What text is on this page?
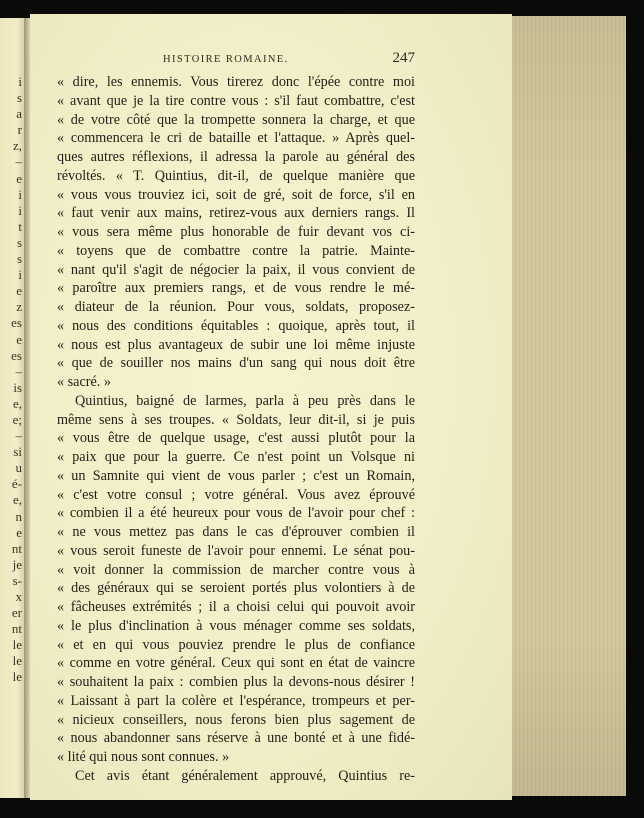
i
s
a
r
z,
–
e
i
i
t
s
s
i
e
z
es
e
es
–
is
e,
e;
–
si
u
é-
e,
n
e
nt
je
s-
x
er
nt
le
le
le
HISTOIRE ROMAINE.	247
« dire, les ennemis. Vous tirerez donc l'épée contre moi
« avant que je la tire contre vous : s'il faut combattre, c'est
« de votre côté que la trompette sonnera la charge, et que
« commencera le cri de bataille et l'attaque. » Après quel-
ques autres réflexions, il adressa la parole au général des
révoltés. « T. Quintius, dit-il, de quelque manière que
« vous vous trouviez ici, soit de gré, soit de force, s'il en
« faut venir aux mains, retirez-vous aux derniers rangs. Il
« vous sera même plus honorable de fuir devant vos ci-
« toyens que de combattre contre la patrie. Mainte-
« nant qu'il s'agit de négocier la paix, il vous convient de
« paroître aux premiers rangs, et de vous rendre le mé-
« diateur de la réunion. Pour vous, soldats, proposez-
« nous des conditions équitables : quoique, après tout, il
« nous est plus avantageux de subir une loi même injuste
« que de souiller nos mains d'un sang qui nous doit être
« sacré. »
Quintius, baigné de larmes, parla à peu près dans le
même sens à ses troupes. « Soldats, leur dit-il, si je puis
« vous être de quelque usage, c'est aussi plutôt pour la
« paix que pour la guerre. Ce n'est point un Volsque ni
« un Samnite qui vient de vous parler ; c'est un Romain,
« c'est votre consul ; votre général. Vous avez éprouvé
« combien il a été heureux pour vous de l'avoir pour chef :
« ne vous mettez pas dans le cas d'éprouver combien il
« vous seroit funeste de l'avoir pour ennemi. Le sénat pou-
« voit donner la commission de marcher contre vous à
« des généraux qui se seroient portés plus volontiers à de
« fâcheuses extrémités ; il a choisi celui qui pouvoit avoir
« le plus d'inclination à vous ménager comme ses soldats,
« et en qui vous pouviez prendre le plus de confiance
« comme en votre général. Ceux qui sont en état de vaincre
« souhaitent la paix : combien plus la devons-nous désirer !
« Laissant à part la colère et l'espérance, trompeurs et per-
« nicieux conseillers, nous ferons bien plus sagement de
« nous abandonner sans réserve à une bonté et à une fidé-
« lité qui nous sont connues. »
Cet avis étant généralement approuvé, Quintius re-
